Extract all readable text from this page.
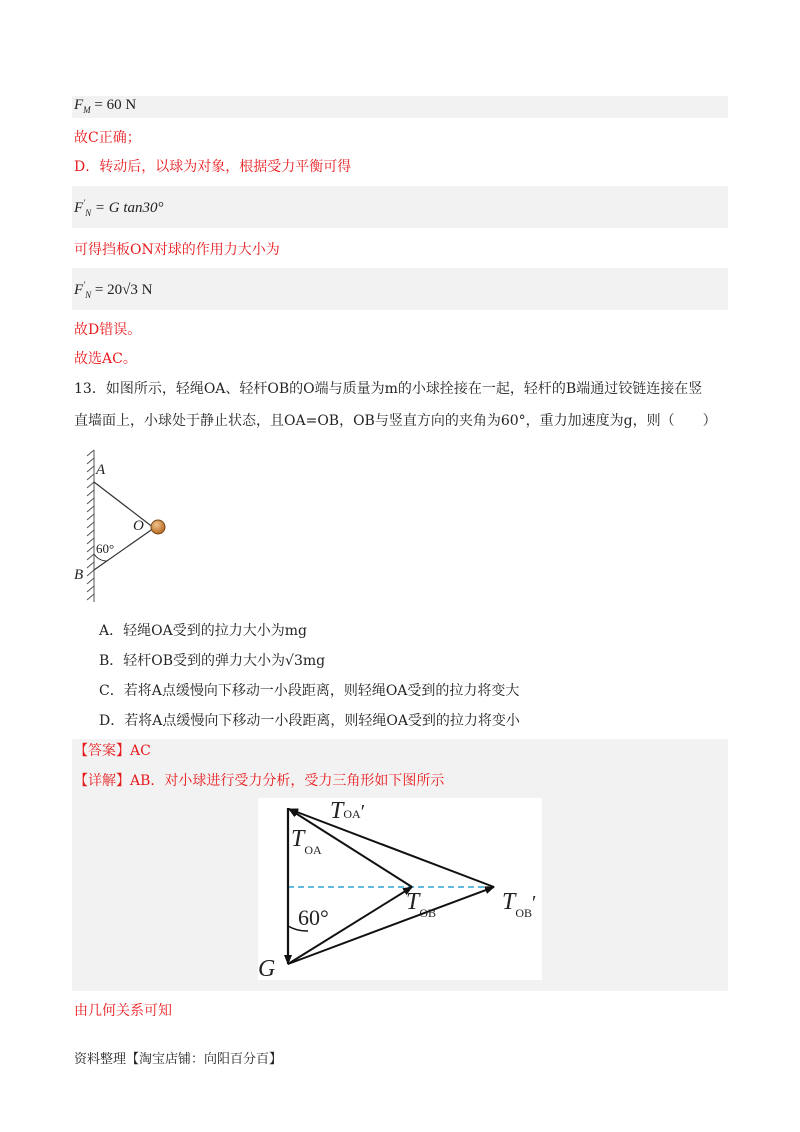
$F_M = 60$ N
故C正确；
D．转动后，以球为对象，根据受力平衡可得
$F'_N = G$ tan30°
可得挡板ON对球的作用力大小为
$F'_N = 20√3$ N
故D错误。
故选AC。
13．如图所示，轻绳OA、轻杆OB的O端与质量为m的小球拴接在一起，轻杆的B端通过铰链连接在竖
直墙面上，小球处于静止状态，且OA=OB，OB与竖直方向的夹角为60°，重力加速度为g，则（　　）
A
O
60°
B
A．轻绳OA受到的拉力大小为mg
B．轻杆OB受到的弹力大小为√3mg
C．若将A点缓慢向下移动一小段距离，则轻绳OA受到的拉力将变大
D．若将A点缓慢向下移动一小段距离，则轻绳OA受到的拉力将变小
【答案】AC
【详解】AB．对小球进行受力分析，受力三角形如下图所示
TOA′
$T_{OA}$
$T_{OB}$	$T_{OB}'$
60°
G
由几何关系可知
资料整理【淘宝店铺：向阳百分百】
